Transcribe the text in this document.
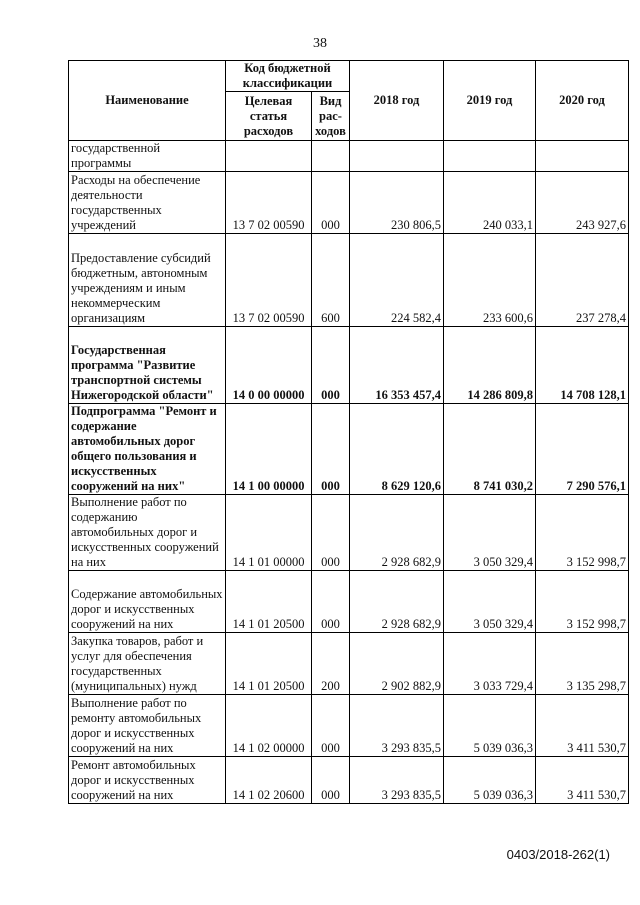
38
Наименование	Код бюджетной классификации		2018 год	2019 год	2020 год
	Целевая статья расходов	Вид рас-ходов			
государственной программы					
Расходы на обеспечение деятельности государственных учреждений	13 7 02 00590	000	230 806,5	240 033,1	243 927,6
Предоставление субсидий бюджетным, автономным учреждениям и иным некоммерческим организациям	13 7 02 00590	600	224 582,4	233 600,6	237 278,4
Государственная программа "Развитие транспортной системы Нижегородской области"	14 0 00 00000	000	16 353 457,4	14 286 809,8	14 708 128,1
Подпрограмма "Ремонт и содержание автомобильных дорог общего пользования и искусственных сооружений на них"	14 1 00 00000	000	8 629 120,6	8 741 030,2	7 290 576,1
Выполнение работ по содержанию автомобильных дорог и искусственных сооружений на них	14 1 01 00000	000	2 928 682,9	3 050 329,4	3 152 998,7
Содержание автомобильных дорог и искусственных сооружений на них	14 1 01 20500	000	2 928 682,9	3 050 329,4	3 152 998,7
Закупка товаров, работ и услуг для обеспечения государственных (муниципальных) нужд	14 1 01 20500	200	2 902 882,9	3 033 729,4	3 135 298,7
Выполнение работ по ремонту автомобильных дорог и искусственных сооружений на них	14 1 02 00000	000	3 293 835,5	5 039 036,3	3 411 530,7
Ремонт автомобильных дорог и искусственных сооружений на них	14 1 02 20600	000	3 293 835,5	5 039 036,3	3 411 530,7
0403/2018-262(1)
